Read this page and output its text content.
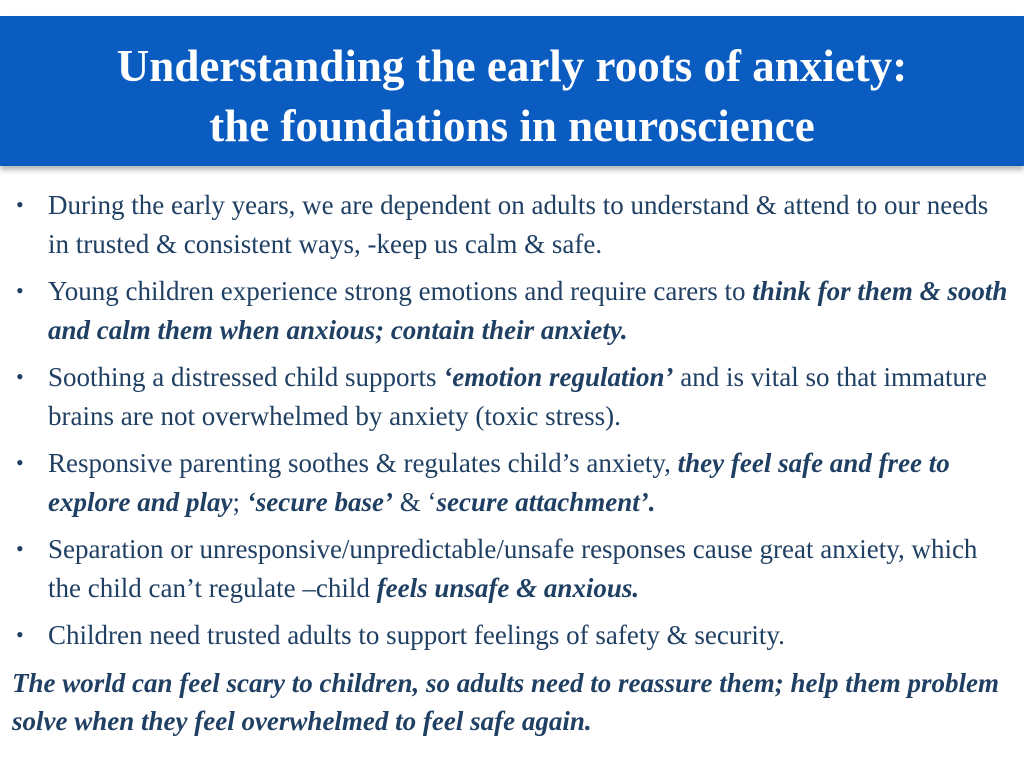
Understanding the early roots of anxiety:
the foundations in neuroscience
• During the early years, we are dependent on adults to understand & attend to our needs in trusted & consistent ways, -keep us calm & safe.
• Young children experience strong emotions and require carers to think for them & sooth and calm them when anxious; contain their anxiety.
• Soothing a distressed child supports ‘emotion regulation’ and is vital so that immature brains are not overwhelmed by anxiety (toxic stress).
• Responsive parenting soothes & regulates child’s anxiety, they feel safe and free to explore and play; ‘secure base’ & ‘secure attachment’.
• Separation or unresponsive/unpredictable/unsafe responses cause great anxiety, which the child can’t regulate –child feels unsafe & anxious.
• Children need trusted adults to support feelings of safety & security.

The world can feel scary to children, so adults need to reassure them; help them problem solve when they feel overwhelmed to feel safe again.
